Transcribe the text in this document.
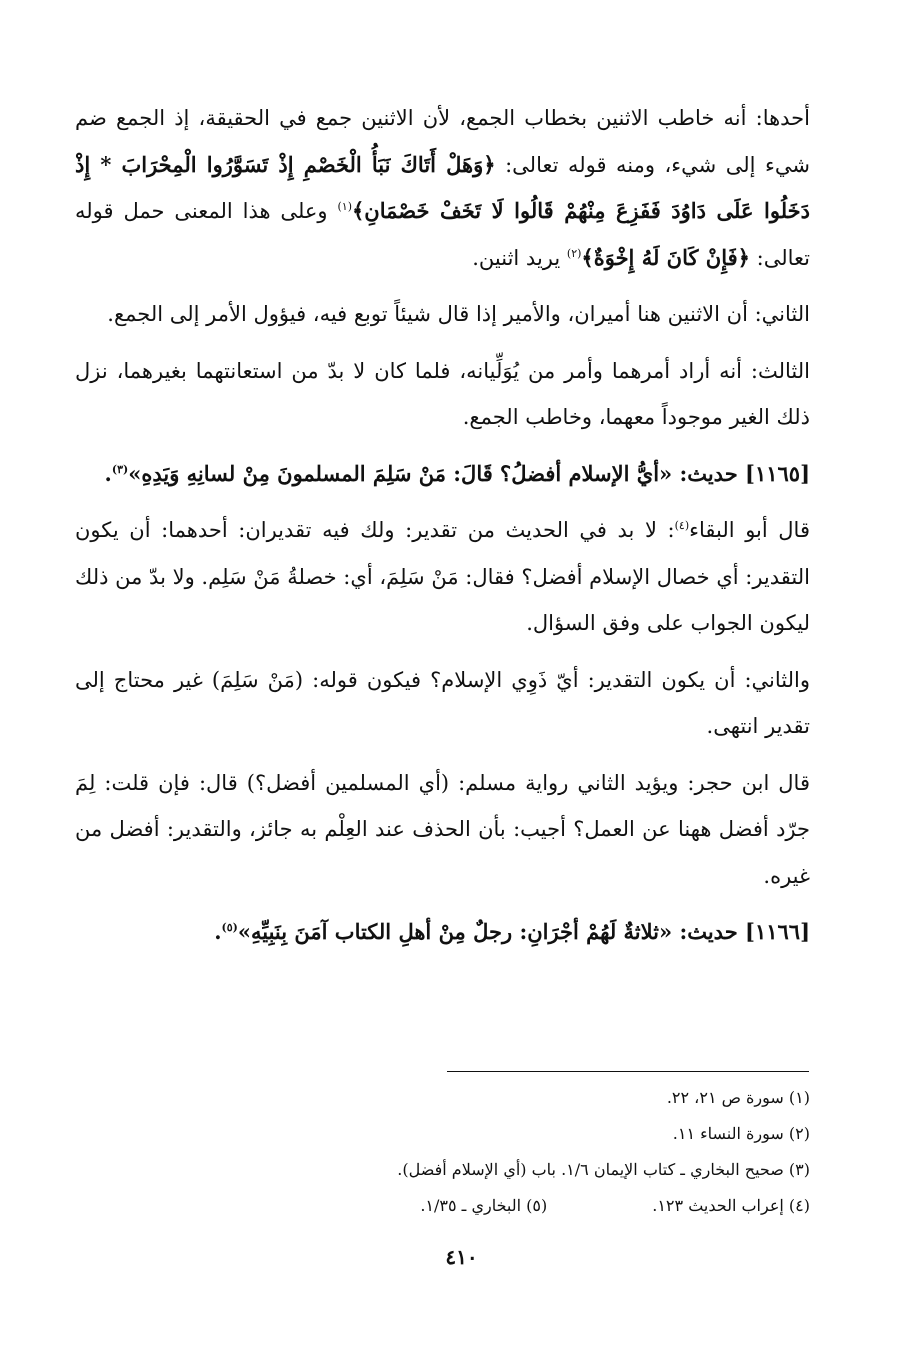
أحدها: أنه خاطب الاثنين بخطاب الجمع، لأن الاثنين جمع في الحقيقة، إذ الجمع ضم شيء إلى شيء، ومنه قوله تعالى: ﴿وَهَلْ أَتَاكَ نَبَأُ الْخَصْمِ إِذْ تَسَوَّرُوا الْمِحْرَابَ * إِذْ دَخَلُوا عَلَى دَاوُدَ فَفَزِعَ مِنْهُمْ قَالُوا لَا تَخَفْ خَصْمَانِ﴾$^{(١)}$ وعلى هذا المعنى حمل قوله تعالى: ﴿فَإِنْ كَانَ لَهُ إِخْوَةٌ﴾$^{(٢)}$ يريد اثنين.

الثاني: أن الاثنين هنا أميران، والأمير إذا قال شيئاً توبع فيه، فيؤول الأمر إلى الجمع.

الثالث: أنه أراد أمرهما وأمر من يُوَلِّيانه، فلما كان لا بدّ من استعانتهما بغيرهما، نزل ذلك الغير موجوداً معهما، وخاطب الجمع.

[١١٦٥] حديث: «أيُّ الإسلام أفضلُ؟ قَالَ: مَنْ سَلِمَ المسلمونَ مِنْ لسانِهِ وَيَدِهِ»$^{(٣)}$.

قال أبو البقاء$^{(٤)}$: لا بد في الحديث من تقدير: ولك فيه تقديران: أحدهما: أن يكون التقدير: أي خصال الإسلام أفضل؟ فقال: مَنْ سَلِمَ، أي: خصلةُ مَنْ سَلِم. ولا بدّ من ذلك ليكون الجواب على وفق السؤال.

والثاني: أن يكون التقدير: أيّ ذَوِي الإسلام؟ فيكون قوله: (مَنْ سَلِمَ) غير محتاج إلى تقدير انتهى.

قال ابن حجر: ويؤيد الثاني رواية مسلم: (أي المسلمين أفضل؟) قال: فإن قلت: لِمَ جرّد أفضل ههنا عن العمل؟ أجيب: بأن الحذف عند العِلْم به جائز، والتقدير: أفضل من غيره.

[١١٦٦] حديث: «ثلاثةٌ لَهُمْ أجْرَانِ: رجلٌ مِنْ أهلِ الكتاب آمَنَ بِنَبِيِّهِ»$^{(٥)}$.

(١) سورة ص ٢١، ٢٢.
(٢) سورة النساء ١١.
(٣) صحيح البخاري ـ كتاب الإيمان ١/٦. باب (أي الإسلام أفضل).
(٤) إعراب الحديث ١٢٣.
(٥) البخاري ـ ١/٣٥.
٤١٠
